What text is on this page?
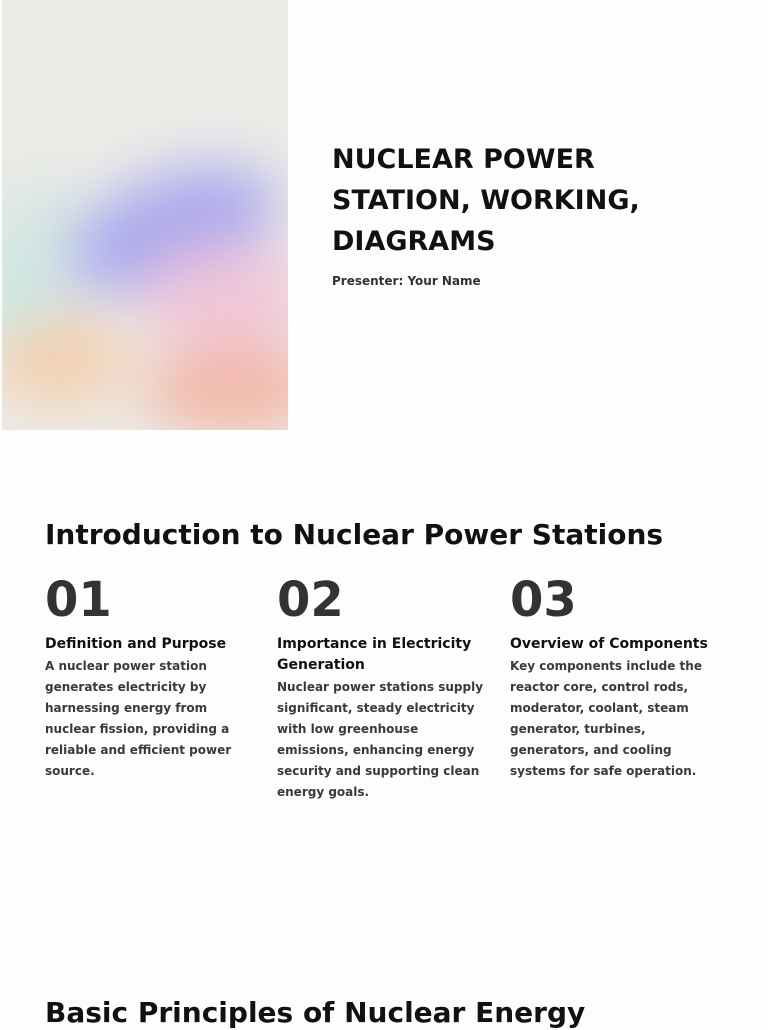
NUCLEAR POWER STATION, WORKING, DIAGRAMS

Presenter: Your Name

Introduction to Nuclear Power Stations

01

Definition and Purpose

A nuclear power station generates electricity by harnessing energy from nuclear fission, providing a reliable and efficient power source.

02

Importance in Electricity Generation

Nuclear power stations supply significant, steady electricity with low greenhouse emissions, enhancing energy security and supporting clean energy goals.

03

Overview of Components

Key components include the reactor core, control rods, moderator, coolant, steam generator, turbines, generators, and cooling systems for safe operation.

Basic Principles of Nuclear Energy
